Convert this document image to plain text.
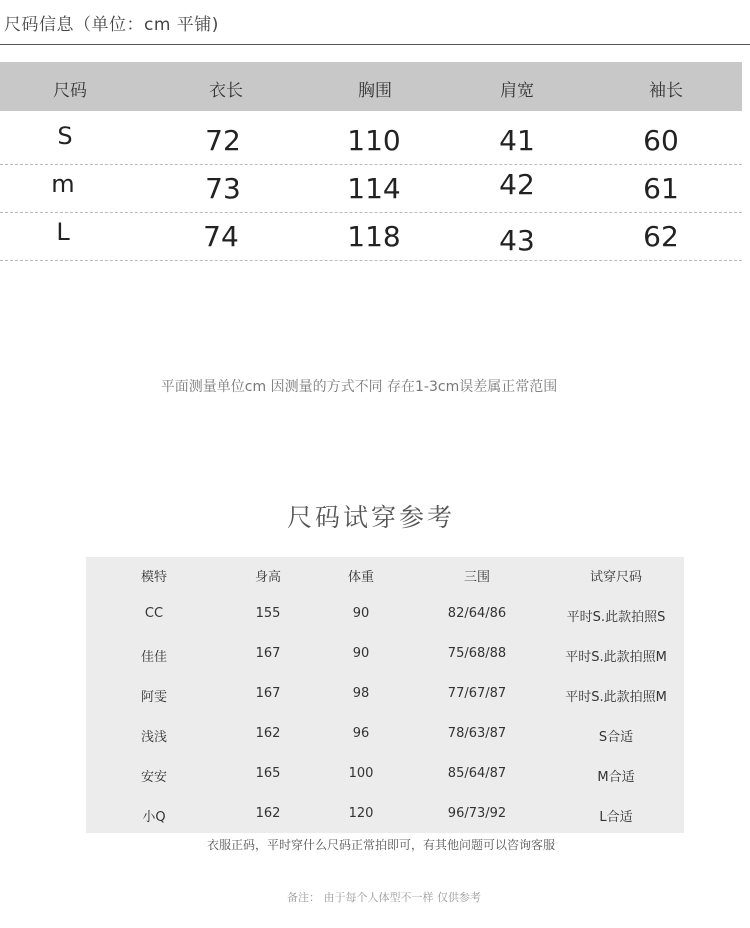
尺码信息（单位：cm 平铺)
尺码	衣长	胸围	肩宽	袖长
S	72	110	41	60
m	73	114	42	61
L	74	118	43	62
平面测量单位cm 因测量的方式不同 存在1-3cm误差属正常范围
尺码试穿参考
模特	身高	体重	三围	试穿尺码
CC	155	90	82/64/86	平时S.此款拍照S
佳佳	167	90	75/68/88	平时S.此款拍照M
阿雯	167	98	77/67/87	平时S.此款拍照M
浅浅	162	96	78/63/87	S合适
安安	165	100	85/64/87	M合适
小Q	162	120	96/73/92	L合适
衣服正码，平时穿什么尺码正常拍即可，有其他问题可以咨询客服
备注： 由于每个人体型不一样 仅供参考
